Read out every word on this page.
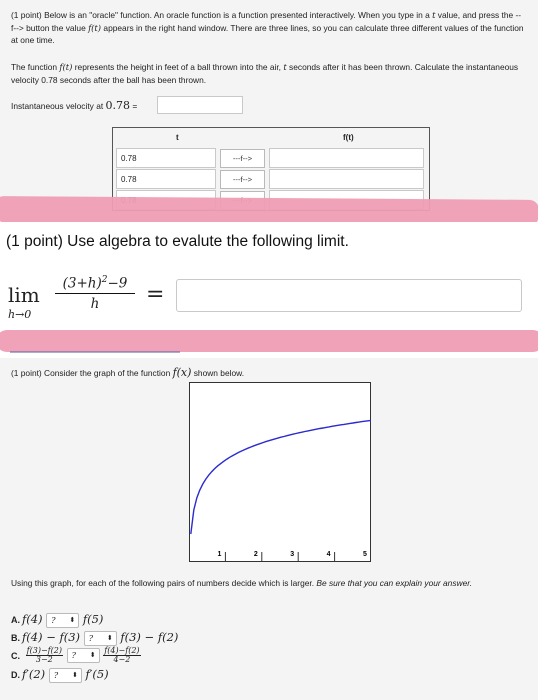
(1 point) Below is an "oracle" function. An oracle function is a function presented interactively. When you type in a t value, and press the --f--> button the value f(t) appears in the right hand window. There are three lines, so you can calculate three different values of the function at one time.
The function f(t) represents the height in feet of a ball thrown into the air, t seconds after it has been thrown. Calculate the instantaneous velocity 0.78 seconds after the ball has been thrown.
Instantaneous velocity at 0.78 =
t	f(t)
0.78	---f-->
0.78	---f-->
(1 point) Use algebra to evalute the following limit.
lim
h→0
$(3+h)^2-9$
h	=
(1 point) Consider the graph of the function f(x) shown below.
1	2	3	4	5
Using this graph, for each of the following pairs of numbers decide which is larger. Be sure that you can explain your answer.
A. f(4) ? ⬍ f(5)
B. f(4) − f(3) ? ⬍ f(3) − f(2)
C. $\frac{f(3)-f(2)}{3-2}$ ? ⬍
$\frac{f(4)-f(2)}{4-2}$
D. f′(2) ? ⬍ f′(5)
